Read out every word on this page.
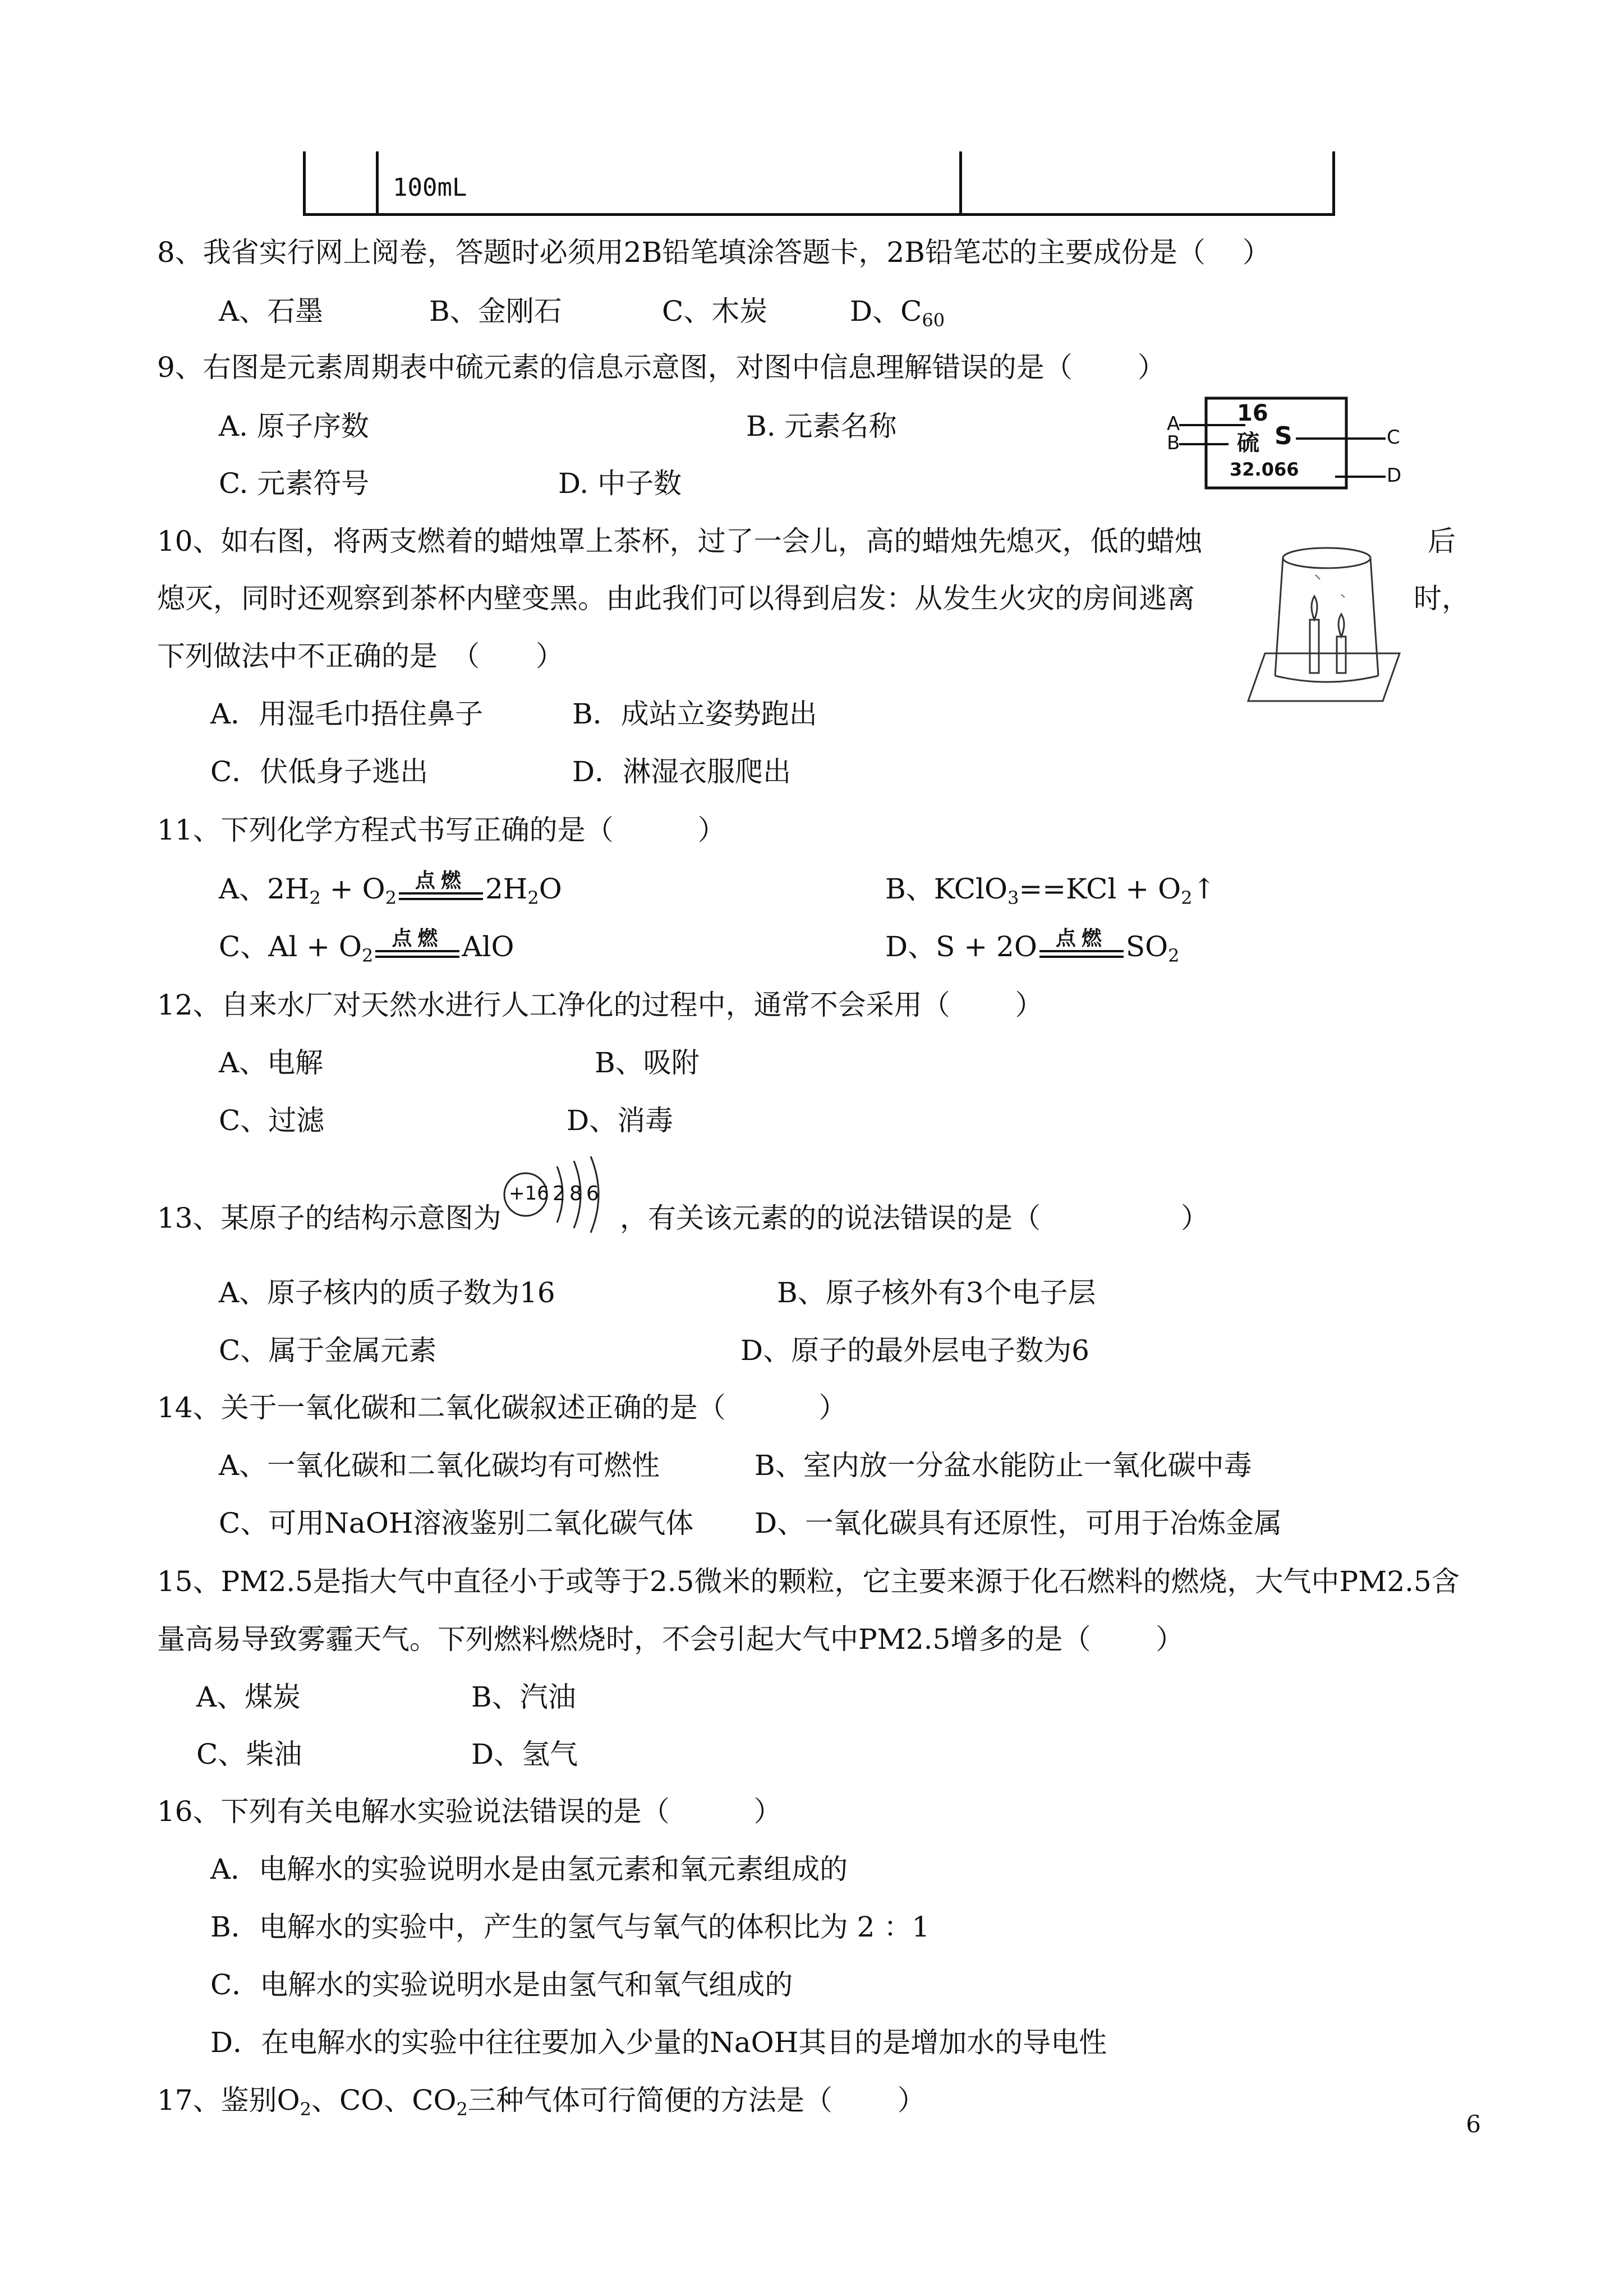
100mL
8、我省实行网上阅卷，答题时必须用2B铅笔填涂答题卡，2B铅笔芯的主要成份是（　 ）
A、石墨	B、金刚石	C、木炭	D、$C_{60}$
9、右图是元素周期表中硫元素的信息示意图，对图中信息理解错误的是（　　 ）
A. 原子序数	B. 元素名称
C. 元素符号	D. 中子数
A
B	C
D
16
硫 S
32.066
10、如右图，将两支燃着的蜡烛罩上茶杯，过了一会儿，高的蜡烛先熄灭，低的蜡烛	后
熄灭，同时还观察到茶杯内壁变黑。由此我们可以得到启发：从发生火灾的房间逃离	时，
下列做法中不正确的是　（　　）
A．用湿毛巾捂住鼻子	B．成站立姿势跑出
C．伏低身子逃出	D．淋湿衣服爬出
11、下列化学方程式书写正确的是（　　　）
A、$2H_2 + O_2$
点燃 $2H_2O$	B、KClO$_3$==KCl + $O_2↑$
C、$Al + O_2$
点燃 AlO	D、S + 2O 点燃 $SO_2$
12、自来水厂对天然水进行人工净化的过程中，通常不会采用（　　 ）
A、电解	B、吸附
C、过滤	D、消毒
13、某原子的结构示意图为	，有关该元素的的说法错误的是（　　　　　）
+16 2 8 6
A、原子核内的质子数为16	B、原子核外有3个电子层
C、属于金属元素	D、原子的最外层电子数为6
14、关于一氧化碳和二氧化碳叙述正确的是（　　　 ）
A、一氧化碳和二氧化碳均有可燃性	B、室内放一分盆水能防止一氧化碳中毒
C、可用NaOH溶液鉴别二氧化碳气体 D、一氧化碳具有还原性，可用于冶炼金属
15、PM2.5是指大气中直径小于或等于2.5微米的颗粒，它主要来源于化石燃料的燃烧，大气中PM2.5含
量高易导致雾霾天气。下列燃料燃烧时，不会引起大气中PM2.5增多的是（　　 ）
A、煤炭	B、汽油
C、柴油	D、氢气
16、下列有关电解水实验说法错误的是（　　　）
A．电解水的实验说明水是由氢元素和氧元素组成的
B．电解水的实验中，产生的氢气与氧气的体积比为 2 ：1
C．电解水的实验说明水是由氢气和氧气组成的
D．在电解水的实验中往往要加入少量的NaOH其目的是增加水的导电性
17、鉴别$O_2$、CO、$CO_2$三种气体可行简便的方法是（　　 ）
6
